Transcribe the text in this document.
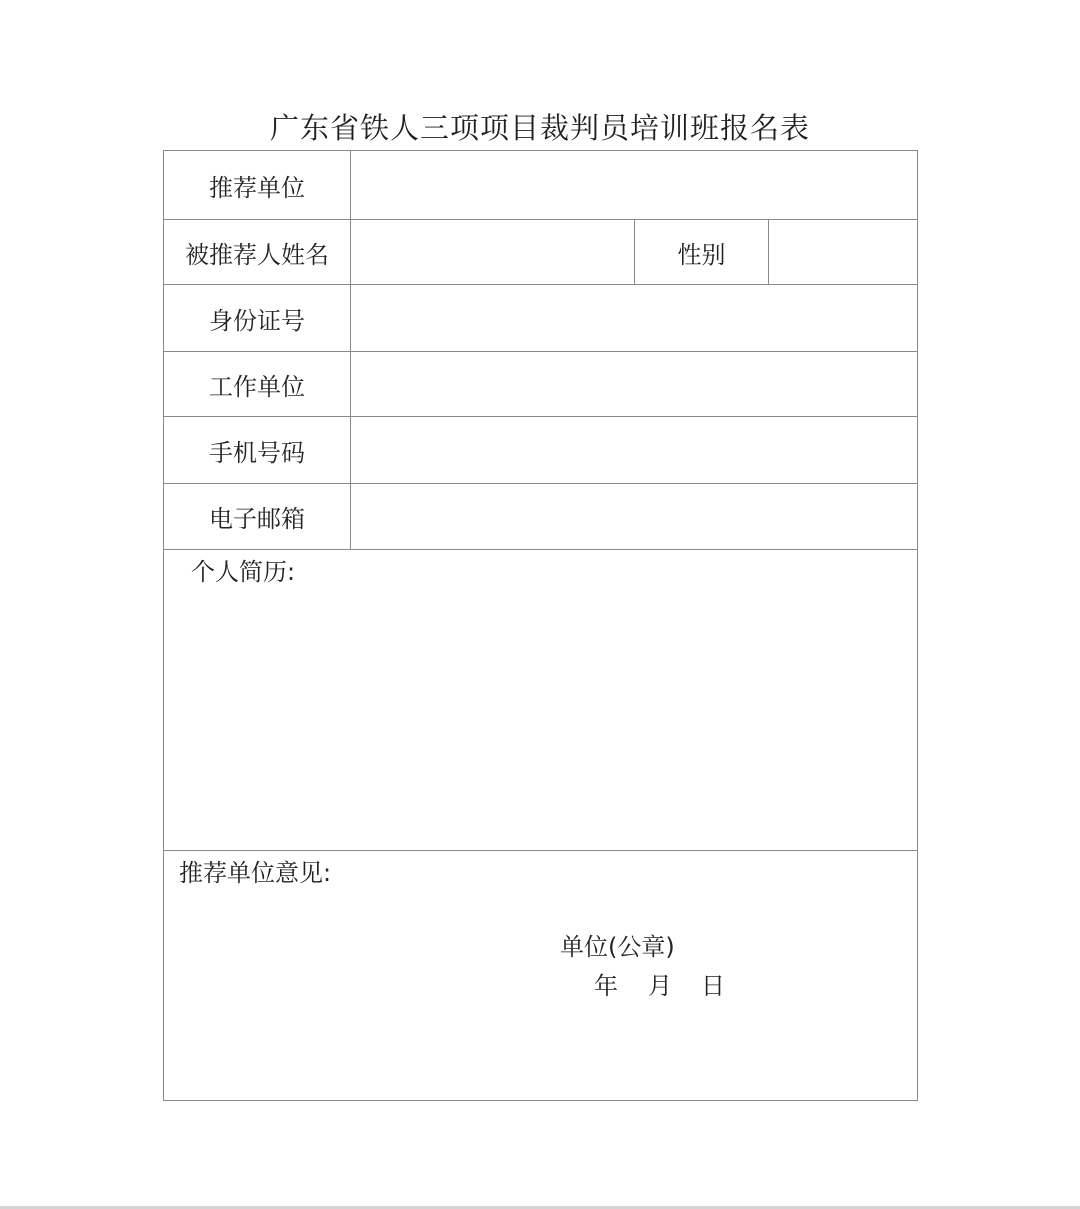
广东省铁人三项项目裁判员培训班报名表
推荐单位			
被推荐人姓名		性别	
身份证号			
工作单位			
手机号码			
电子邮箱			

个人简历:			

推荐单位意见:
单位(公章)
年 月 日			
